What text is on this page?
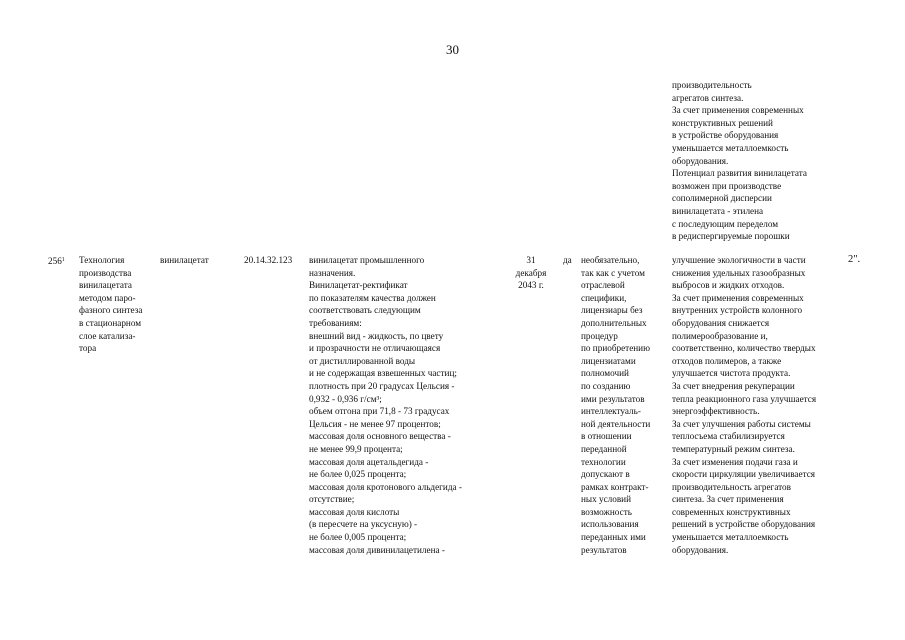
30
производительность
агрегатов синтеза.
За счет применения современных
конструктивных решений
в устройстве оборудования
уменьшается металлоемкость
оборудования.
Потенциал развития винилацетата
возможен при производстве
сополимерной дисперсии
винилацетата - этилена
с последующим переделом
в редиспергируемые порошки
$256^1$ Технология
производства
винилацетата
методом паро-
фазного синтеза
в стационарном
слое катализа-
тора
винилацетат	20.14.32.123 винилацетат промышленного
назначения.
Винилацетат-ректификат
по показателям качества должен
соответствовать следующим
требованиям:
внешний вид - жидкость, по цвету
и прозрачности не отличающаяся
от дистиллированной воды
и не содержащая взвешенных частиц;
плотность при 20 градусах Цельсия -
0,932 - 0,936 г/см³;
объем отгона при 71,8 - 73 градусах
Цельсия - не менее 97 процентов;
массовая доля основного вещества -
не менее 99,9 процента;
массовая доля ацетальдегида -
не более 0,025 процента;
массовая доля кротонового альдегида -
отсутствие;
массовая доля кислоты
(в пересчете на уксусную) -
не более 0,005 процента;
массовая доля дивинилацетилена -
31
декабря
2043 г.
да необязательно,
так как с учетом
отраслевой
специфики,
лицензиары без
дополнительных
процедур
по приобретению
лицензиатами
полномочий
по созданию
ими результатов
интеллектуаль-
ной деятельности
в отношении
переданной
технологии
допускают в
рамках контракт-
ных условий
возможность
использования
переданных ими
результатов
улучшение экологичности в части
снижения удельных газообразных
выбросов и жидких отходов.
За счет применения современных
внутренних устройств колонного
оборудования снижается
полимерообразование и,
соответственно, количество твердых
отходов полимеров, а также
улучшается чистота продукта.
За счет внедрения рекуперации
тепла реакционного газа улучшается
энергоэффективность.
За счет улучшения работы системы
теплосъема стабилизируется
температурный режим синтеза.
За счет изменения подачи газа и
скорости циркуляции увеличивается
производительность агрегатов
синтеза. За счет применения
современных конструктивных
решений в устройстве оборудования
уменьшается металлоемкость
оборудования.
2".
